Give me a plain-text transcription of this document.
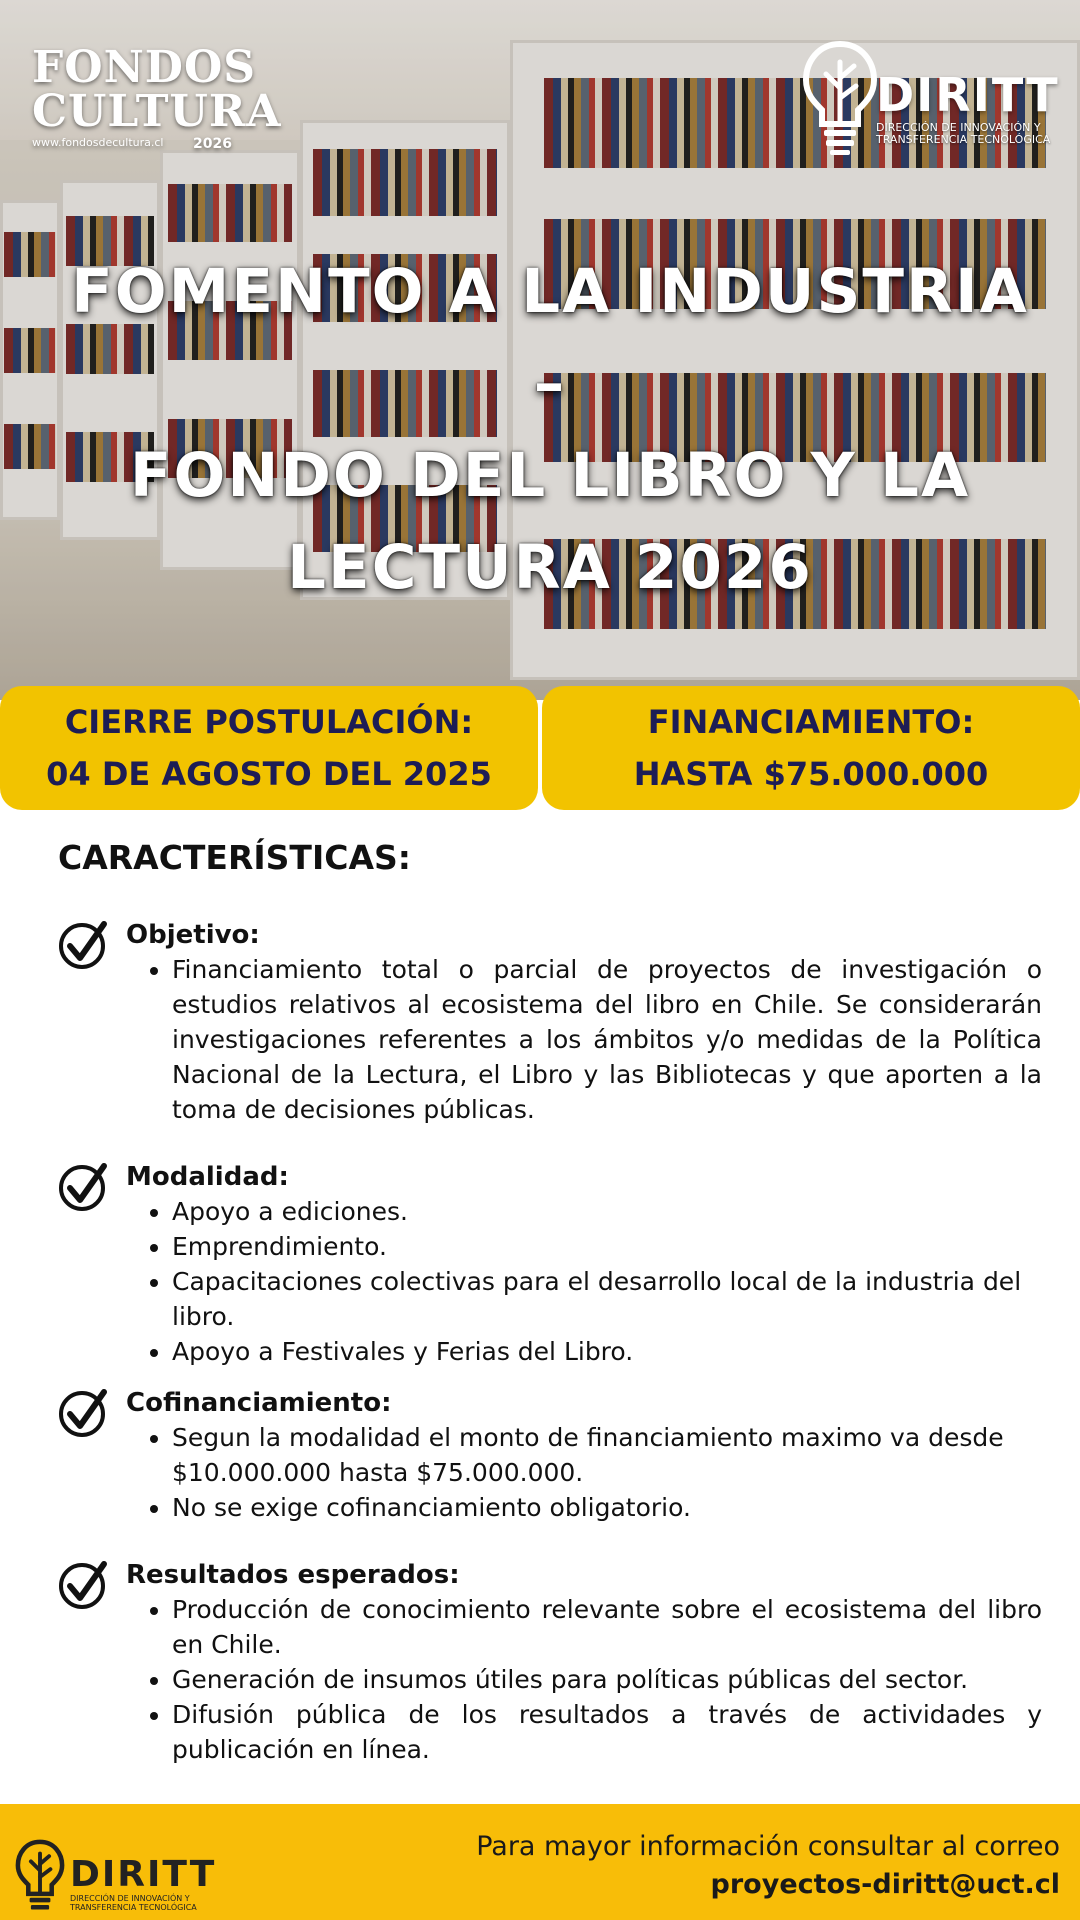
FONDOS
CULTURA
www.fondosdecultura.cl 2026
DIRITT
DIRECCIÓN DE INNOVACIÓN Y
TRANSFERENCIA TECNOLÓGICA
FOMENTO A LA INDUSTRIA –
FONDO DEL LIBRO Y LA
LECTURA 2026
CIERRE POSTULACIÓN:
04 DE AGOSTO DEL 2025
FINANCIAMIENTO:
HASTA $75.000.000
CARACTERÍSTICAS:
Objetivo:
• Financiamiento total o parcial de proyectos de investigación o estudios relativos al ecosistema del libro en Chile. Se considerarán investigaciones referentes a los ámbitos y/o medidas de la Política Nacional de la Lectura, el Libro y las Bibliotecas y que aporten a la toma de decisiones públicas.
Modalidad:
• Apoyo a ediciones.
• Emprendimiento.
• Capacitaciones colectivas para el desarrollo local de la industria del libro.
• Apoyo a Festivales y Ferias del Libro.
Cofinanciamiento:
• Segun la modalidad el monto de financiamiento maximo va desde $10.000.000 hasta $75.000.000.
• No se exige cofinanciamiento obligatorio.
Resultados esperados:
• Producción de conocimiento relevante sobre el ecosistema del libro en Chile.
• Generación de insumos útiles para políticas públicas del sector.
• Difusión pública de los resultados a través de actividades y publicación en línea.
DIRITT
DIRECCIÓN DE INNOVACIÓN Y
TRANSFERENCIA TECNOLÓGICA
Para mayor información consultar al correo
proyectos-diritt@uct.cl
